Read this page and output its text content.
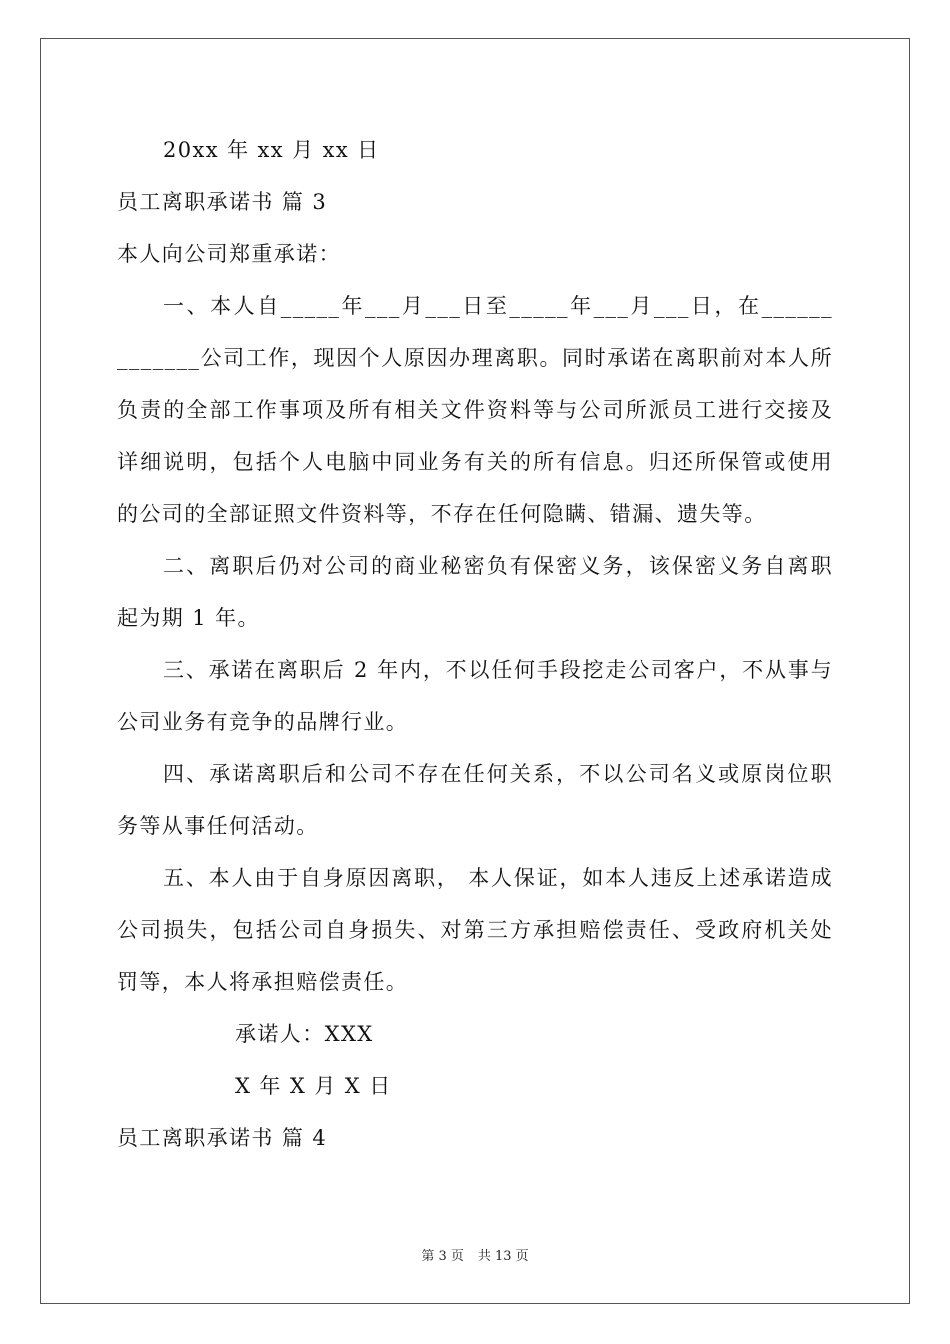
20xx 年 xx 月 xx 日

员工离职承诺书 篇 3

本人向公司郑重承诺：

一、本人自_____年___月___日至_____年___月___日，在______ _______公司工作，现因个人原因办理离职。同时承诺在离职前对本人所负责的全部工作事项及所有相关文件资料等与公司所派员工进行交接及详细说明，包括个人电脑中同业务有关的所有信息。归还所保管或使用的公司的全部证照文件资料等，不存在任何隐瞒、错漏、遗失等。

二、离职后仍对公司的商业秘密负有保密义务，该保密义务自离职起为期 1 年。

三、承诺在离职后 2 年内，不以任何手段挖走公司客户，不从事与公司业务有竞争的品牌行业。

四、承诺离职后和公司不存在任何关系，不以公司名义或原岗位职务等从事任何活动。

五、本人由于自身原因离职， 本人保证，如本人违反上述承诺造成公司损失，包括公司自身损失、对第三方承担赔偿责任、受政府机关处罚等，本人将承担赔偿责任。

承诺人：XXX

X 年 X 月 X 日

员工离职承诺书 篇 4

第 3 页 共 13 页
